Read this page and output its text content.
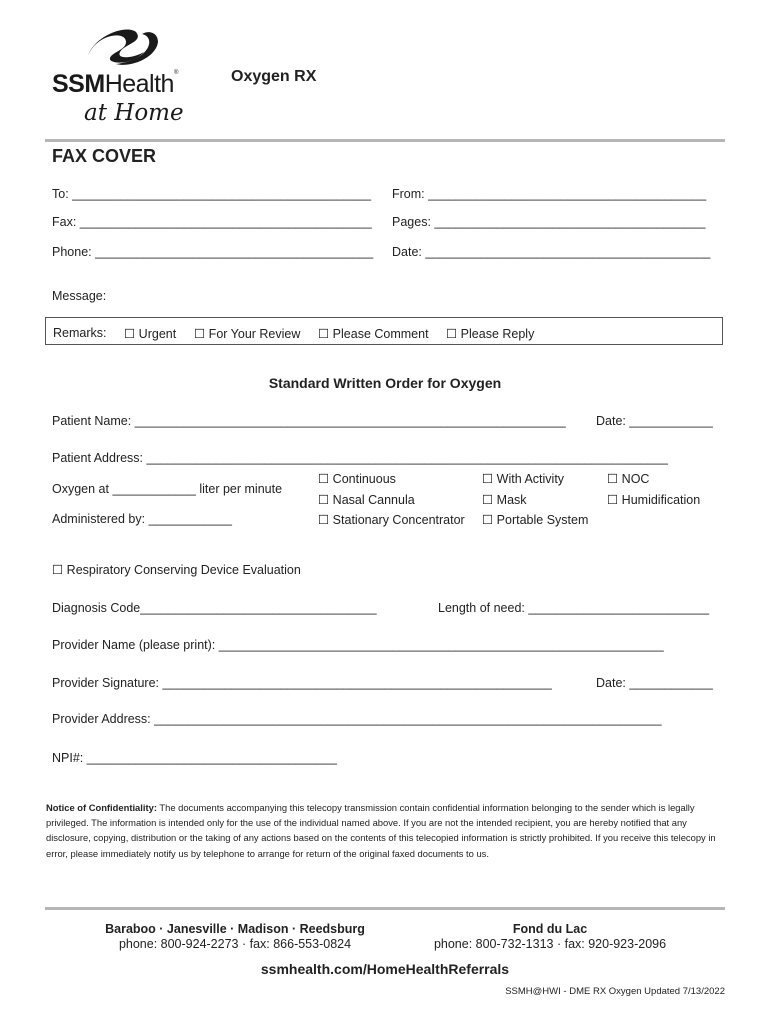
SSMHealth®
at Home
Oxygen RX
FAX COVER
To: ___________________________________________ From: ________________________________________
Fax: __________________________________________ Pages: _______________________________________
Phone: ________________________________________ Date: _________________________________________
Message:
Remarks: ☐ Urgent ☐ For Your Review ☐ Please Comment ☐ Please Reply
Standard Written Order for Oxygen
Patient Name: ______________________________________________________________ Date: ____________
Patient Address: ___________________________________________________________________________
Oxygen at ____________ liter per minute
Administered by: ____________
☐ Continuous
☐ Nasal Cannula
☐ Stationary Concentrator
☐ With Activity
☐ Mask
☐ Portable System
☐ NOC
☐ Humidification
☐ Respiratory Conserving Device Evaluation
Diagnosis Code__________________________________	Length of need: __________________________
Provider Name (please print): ________________________________________________________________
Provider Signature: ________________________________________________________	Date: ____________
Provider Address: _________________________________________________________________________
NPI#: ____________________________________
Notice of Confidentiality: The documents accompanying this telecopy transmission contain confidential information belonging to the sender which is legally privileged. The information is intended only for the use of the individual named above. If you are not the intended recipient, you are hereby notified that any disclosure, copying, distribution or the taking of any actions based on the contents of this telecopied information is strictly prohibited. If you receive this telecopy in error, please immediately notify us by telephone to arrange for return of the original faxed documents to us.
Baraboo · Janesville · Madison · Reedsburg
phone: 800-924-2273 · fax: 866-553-0824
Fond du Lac
phone: 800-732-1313 · fax: 920-923-2096
ssmhealth.com/HomeHealthReferrals
SSMH@HWI - DME RX Oxygen Updated 7/13/2022
